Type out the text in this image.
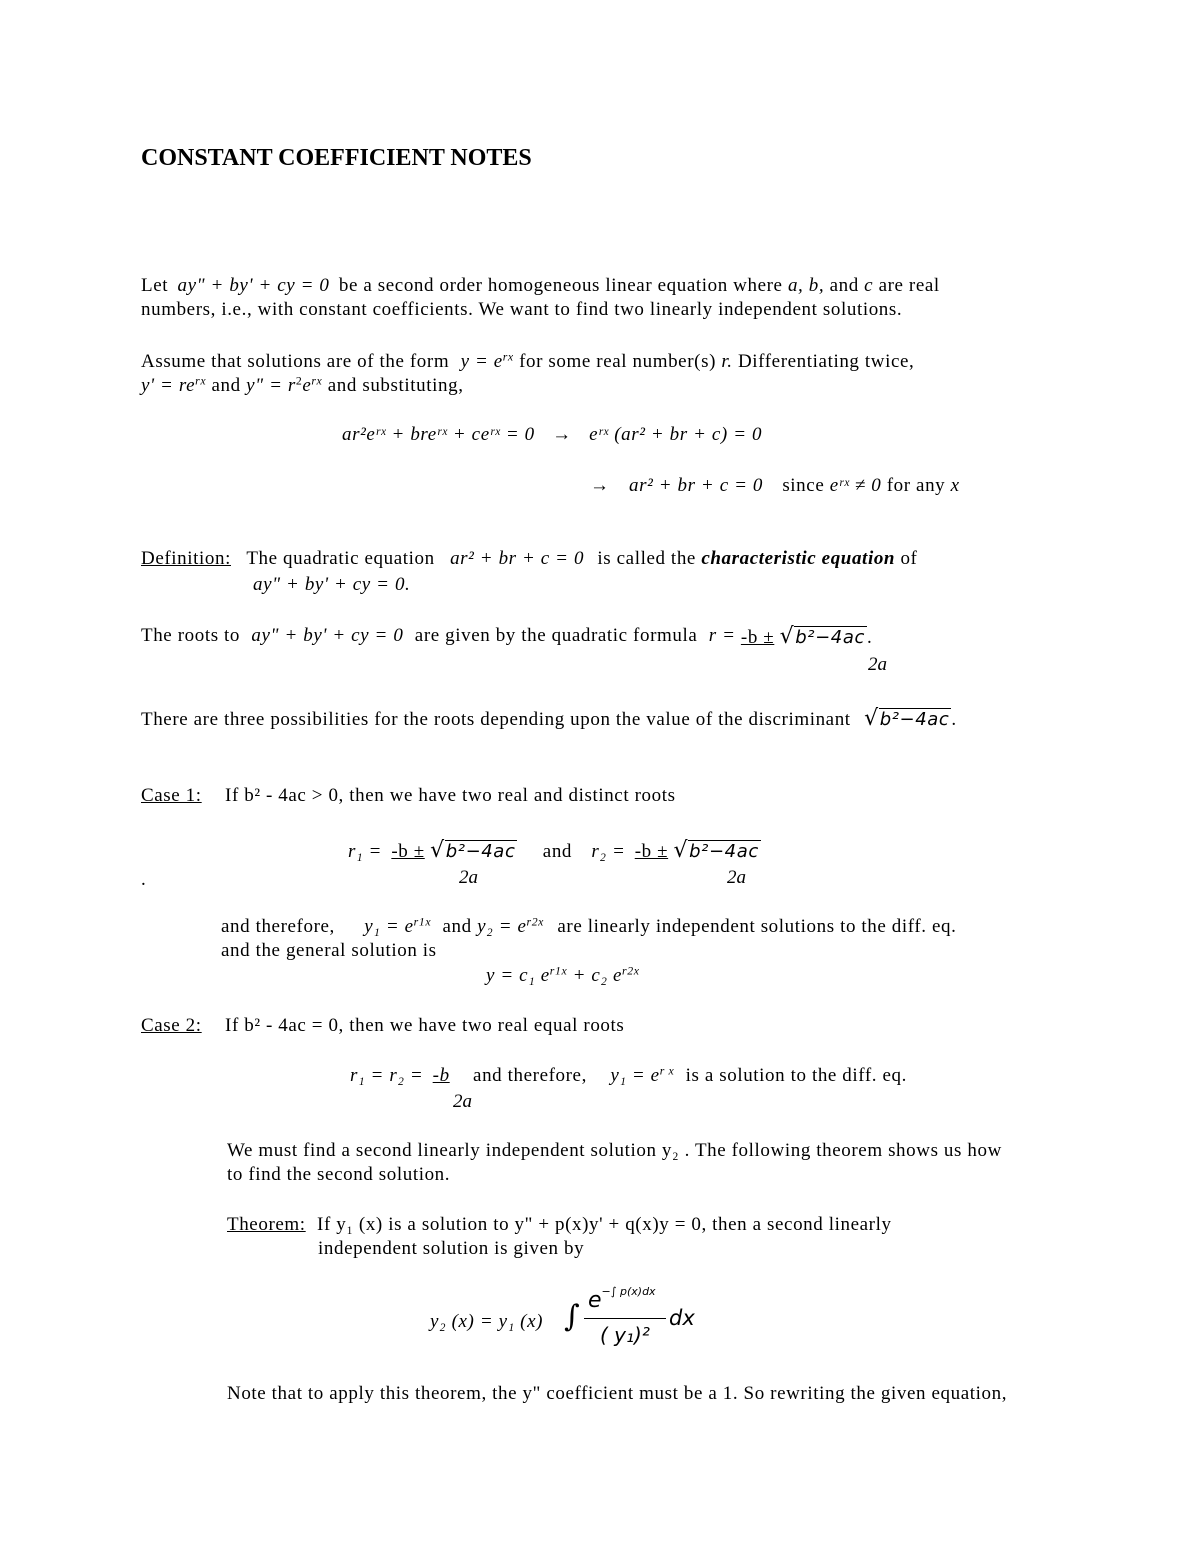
CONSTANT COEFFICIENT NOTES
Let ay" + by' + cy = 0 be a second order homogeneous linear equation where a, b, and c are real
numbers, i.e., with constant coefficients. We want to find two linearly independent solutions.
Assume that solutions are of the form $y = e^{rx}$ for some real number(s) r. Differentiating twice,
$y' = re^{rx}$ and y" = $r^2e^{rx}$ and substituting,
ar²eʳˣ + breʳˣ + ceʳˣ = 0 → eʳˣ (ar² + br + c) = 0
→ ar² + br + c = 0 since eʳˣ ≠ 0 for any x
Definition: The quadratic equation ar² + br + c = 0 is called the characteristic equation of
ay" + by' + cy = 0.
The roots to ay" + by' + cy = 0 are given by the quadratic formula r = -b ± √b²−4ac .
2a
There are three possibilities for the roots depending upon the value of the discriminant √b²−4ac .
Case 1: If b² - 4ac > 0, then we have two real and distinct roots
r₁ = -b ± √b²−4ac and r₂ = -b ± √b²−4ac
.	2a	2a
and therefore, $y_1 = e^{r1x}$ and $y_2 = e^{r2x}$ are linearly independent solutions to the diff. eq.
and the general solution is
y = c₁ $e^{r1x} + c_2$ $e^{r2x}$
Case 2: If b² - 4ac = 0, then we have two real equal roots
r₁ = r₂ = -b and therefore, $y_1 = e^{r x}$ is a solution to the diff. eq.
2a
We must find a second linearly independent solution y₂ . The following theorem shows us how
to find the second solution.
Theorem: If y₁ (x) is a solution to y" + p(x)y' + q(x)y = 0, then a second linearly
independent solution is given by
y₂ (x) = y₁ (x) ∫ $e^{-\int p(x)dx}$
( y₁)²
dx
Note that to apply this theorem, the y" coefficient must be a 1. So rewriting the given equation,
